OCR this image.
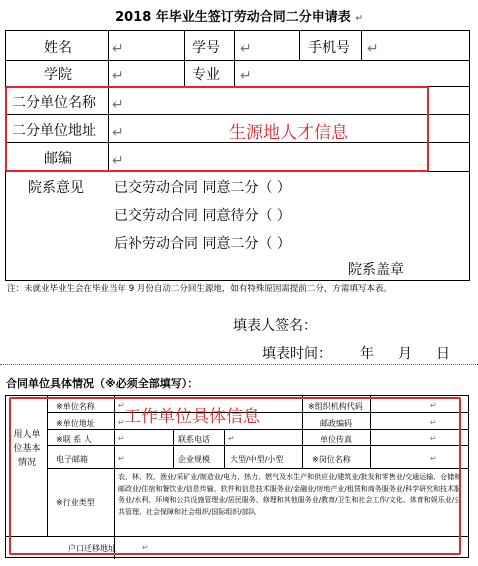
2018 年毕业生签订劳动合同二分申请表 ↵
姓名	↵	学号 ↵	手机号 ↵
学院	↵	专业 ↵
二分单位名称 ↵
二分单位地址 ↵
邮编	↵
院系意见 已交劳动合同 同意二分（ ）
已交劳动合同 同意待分（ ）
后补劳动合同 同意二分（ ）
院系盖章
生源地人才信息
注：未就业毕业生会在毕业当年 9 月份自动二分回生源地，如有特殊原因需提前二分，方需填写本表。
填表人签名：
填表时间： 年 月 日
合同单位具体情况（※必须全部填写）：
用人单位基本情况
※单位名称	↵	※组织机构代码	↵
※单位地址	↵	邮政编码	↵
※联 系 人	↵	联系电话 ↵	单位传真	↵
电子邮箱	↵	企业规模	大型/中型/小型	※岗位名称	↵
※行业类型
农、林、牧、渔业/采矿业/制造业/电力、热力、燃气及水生产和供应业/建筑业/批发和零售业/交通运输、仓储和邮政业/住宿和餐饮业/信息传输、软件和信息技术服务业/金融业/房地产业/租赁和商务服务业/科学研究和技术服务业/水利、环境和公共设施管理业/居民服务、修理和其他服务业/教育/卫生和社会工作/文化、体育和娱乐业/公共管理、社会保障和社会组织/国际组织/部队
户口迁移地址	↵
工作单位具体信息
